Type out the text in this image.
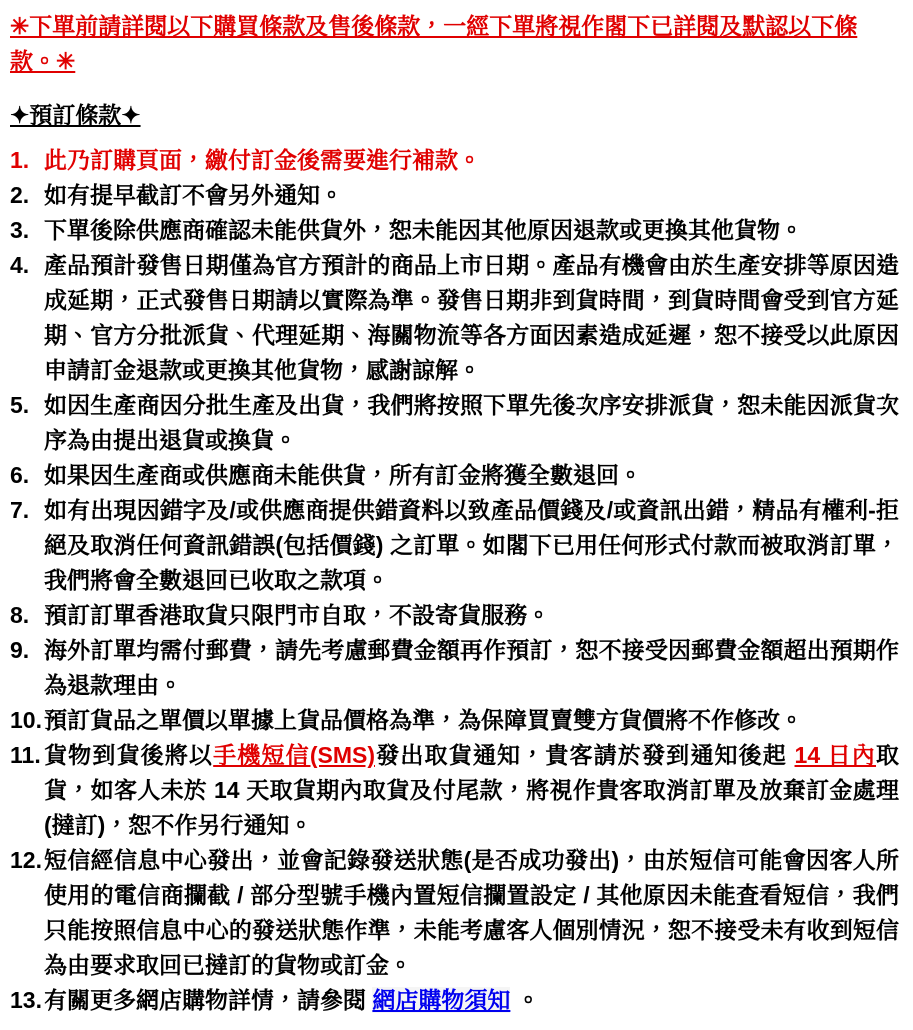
✳下單前請詳閱以下購買條款及售後條款，一經下單將視作閣下已詳閱及默認以下條款。✳
✦預訂條款✦
1. 此乃訂購頁面，繳付訂金後需要進行補款。
2. 如有提早截訂不會另外通知。
3. 下單後除供應商確認未能供貨外，恕未能因其他原因退款或更換其他貨物。
4. 產品預計發售日期僅為官方預計的商品上市日期。產品有機會由於生產安排等原因造成延期，正式發售日期請以實際為準。發售日期非到貨時間，到貨時間會受到官方延期、官方分批派貨、代理延期、海關物流等各方面因素造成延遲，恕不接受以此原因申請訂金退款或更換其他貨物，感謝諒解。
5. 如因生產商因分批生產及出貨，我們將按照下單先後次序安排派貨，恕未能因派貨次序為由提出退貨或換貨。
6. 如果因生產商或供應商未能供貨，所有訂金將獲全數退回。
7. 如有出現因錯字及/或供應商提供錯資料以致產品價錢及/或資訊出錯，精品有權利-拒絕及取消任何資訊錯誤(包括價錢) 之訂單。如閣下已用任何形式付款而被取消訂單，我們將會全數退回已收取之款項。
8. 預訂訂單香港取貨只限門市自取，不設寄貨服務。
9. 海外訂單均需付郵費，請先考慮郵費金額再作預訂，恕不接受因郵費金額超出預期作為退款理由。
10. 預訂貨品之單價以單據上貨品價格為準，為保障買賣雙方貨價將不作修改。
11. 貨物到貨後將以手機短信(SMS)發出取貨通知，貴客請於發到通知後起 14 日內取貨，如客人未於 14 天取貨期內取貨及付尾款，將視作貴客取消訂單及放棄訂金處理(撻訂)，恕不作另行通知。
12. 短信經信息中心發出，並會記錄發送狀態(是否成功發出)，由於短信可能會因客人所使用的電信商攔截 / 部分型號手機內置短信攔置設定 / 其他原因未能査看短信，我們只能按照信息中心的發送狀態作準，未能考慮客人個別情況，恕不接受未有收到短信為由要求取回已撻訂的貨物或訂金。
13. 有關更多網店購物詳情，請參閱 網店購物須知 。
